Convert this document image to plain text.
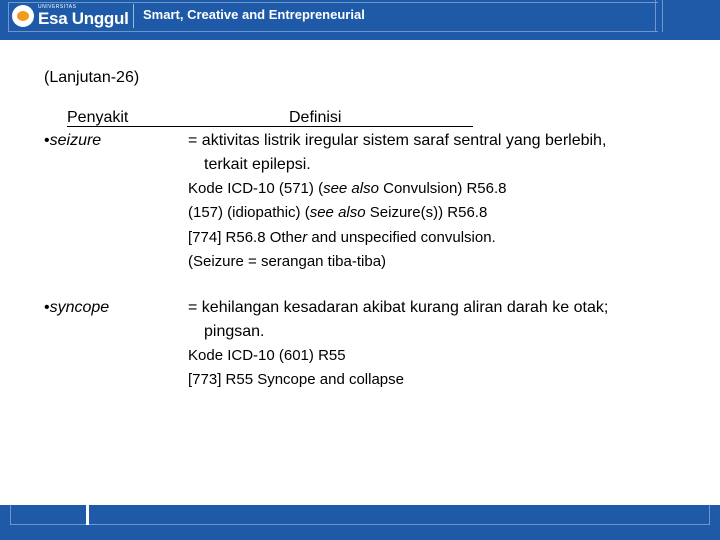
UNIVERSITAS
Esa Unggul Smart, Creative and Entrepreneurial
(Lanjutan-26)
Penyakit	Definisi
•seizure	= aktivitas listrik iregular sistem saraf sentral yang berlebih,
terkait epilepsi.
Kode ICD-10 (571) (see also Convulsion) R56.8
(157) (idiopathic) (see also Seizure(s)) R56.8
[774] R56.8 Other and unspecified convulsion.
(Seizure = serangan tiba-tiba)
•syncope	= kehilangan kesadaran akibat kurang aliran darah ke otak;
pingsan.
Kode ICD-10 (601) R55
[773] R55 Syncope and collapse
